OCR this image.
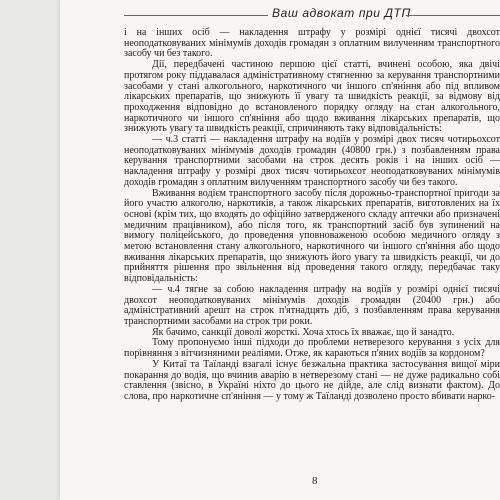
Ваш адвокат при ДТП

і на інших осіб — накладення штрафу у розмірі однієї тисячі двохсот неоподатковуваних мінімумів доходів громадян з оплатним вилученням транспортного засобу чи без такого.

Дії, передбачені частиною першою цієї статті, вчинені особою, яка двічі протягом року піддавалася адміністративному стягненню за керування транспортними засобами у стані алкогольного, наркотичного чи іншого сп'яніння або під впливом лікарських препаратів, що знижують її увагу та швидкість реакції, за відмову від проходження відповідно до встановленого порядку огляду на стан алкогольного, наркотичного чи іншого сп'яніння або щодо вживання лікарських препаратів, що знижують увагу та швидкість реакції, спричиняють таку відповідальність:

— ч.3 статті — накладення штрафу на водіїв у розмірі двох тисяч чотирьохсот неоподатковуваних мінімумів доходів громадян (40800 грн.) з позбавленням права керування транспортними засобами на строк десять років і на інших осіб — накладення штрафу у розмірі двох тисяч чотирьохсот неоподатковуваних мінімумів доходів громадян з оплатним вилученням транспортного засобу чи без такого.

Вживання водієм транспортного засобу після дорожньо-транспортної пригоди за його участю алкоголю, наркотиків, а також лікарських препаратів, виготовлених на їх основі (крім тих, що входять до офіційно затвердженого складу аптечки або призначені медичним працівником), або після того, як транспортний засіб був зупинений на вимогу поліцейського, до проведення уповноваженою особою медичного огляду з метою встановлення стану алкогольного, наркотичного чи іншого сп'яніння або щодо вживання лікарських препаратів, що знижують його увагу та швидкість реакції, чи до прийняття рішення про звільнення від проведення такого огляду, передбачає таку відповідальність:

— ч.4 тягне за собою накладення штрафу на водіїв у розмірі однієї тисячі двохсот неоподатковуваних мінімумів доходів громадян (20400 грн.) або адміністративний арешт на строк п'ятнадцять діб, з позбавленням права керування транспортними засобами на строк три роки.

Як бачимо, санкції доволі жорсткі. Хоча хтось їх вважає, що й занадто.

Тому пропонуємо інші підходи до проблеми нетверезого керування з усіх для порівняння з вітчизняними реаліями. Отже, як караються п'яних водіїв за кордоном?

У Китаї та Таїланді взагалі існує безжальна практика застосування вищої міри покарання до водія, що вчинив аварію в нетверезому стані — не дуже радикально собі ставлення (звісно, в Україні ніхто до цього не дійде, але слід визнати фактом). До слова, про наркотичне сп'яніння — у тому ж Таїланді дозволено просто вбивати нарко-

8
